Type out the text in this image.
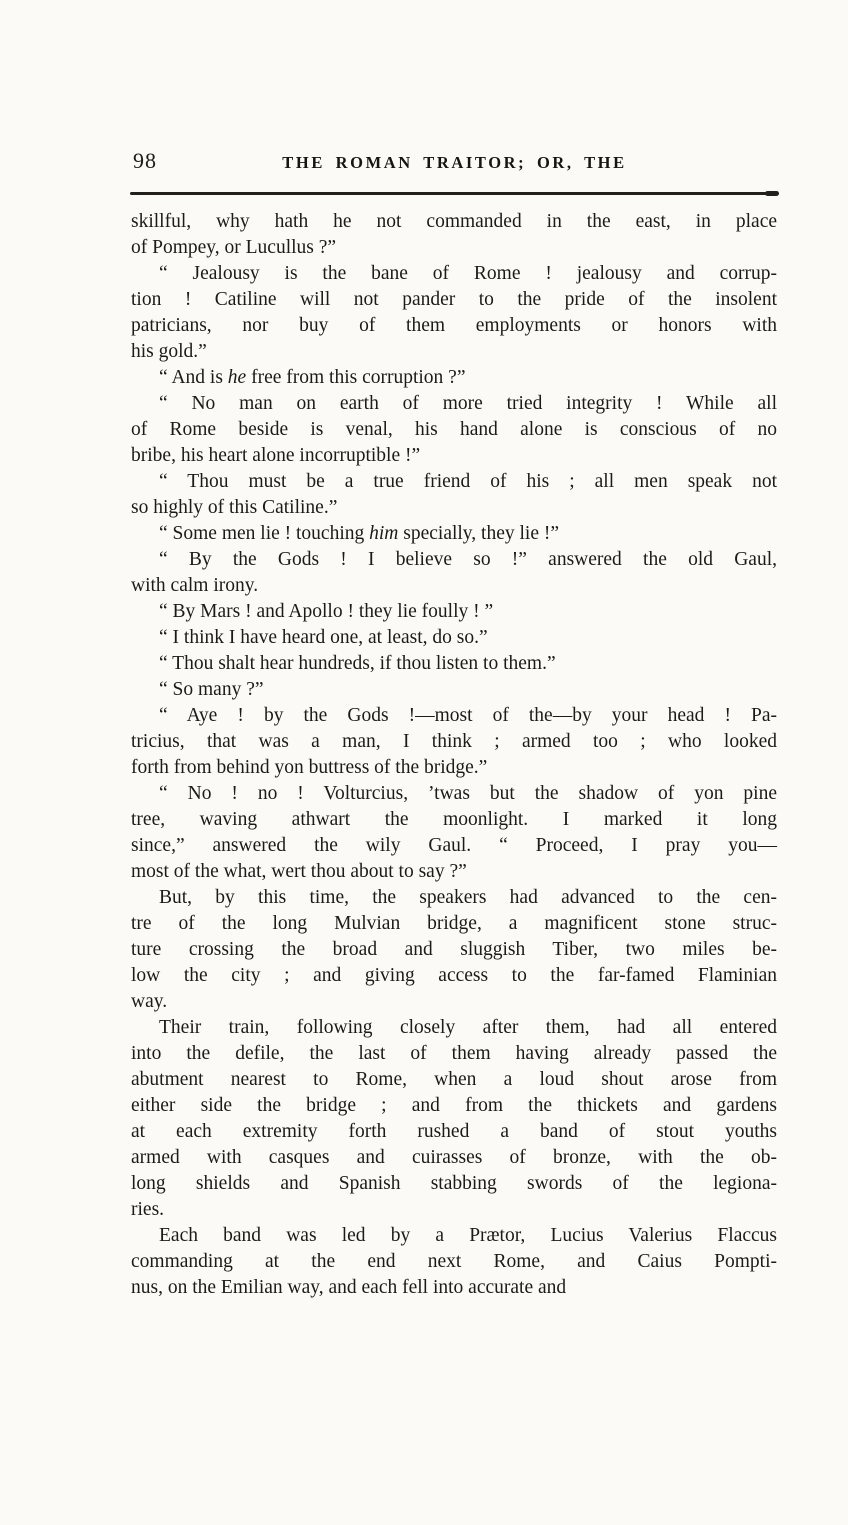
98	THE ROMAN TRAITOR; OR, THE
skillful, why hath he not commanded in the east, in place
of Pompey, or Lucullus ?”
“ Jealousy is the bane of Rome ! jealousy and corrup-
tion ! Catiline will not pander to the pride of the insolent
patricians, nor buy of them employments or honors with
his gold.”
“ And is he free from this corruption ?”
“ No man on earth of more tried integrity ! While all
of Rome beside is venal, his hand alone is conscious of no
bribe, his heart alone incorruptible !”
“ Thou must be a true friend of his ; all men speak not
so highly of this Catiline.”
“ Some men lie ! touching him specially, they lie !”
“ By the Gods ! I believe so !” answered the old Gaul,
with calm irony.
“ By Mars ! and Apollo ! they lie foully ! ”
“ I think I have heard one, at least, do so.”
“ Thou shalt hear hundreds, if thou listen to them.”
“ So many ?”
“ Aye ! by the Gods !—most of the—by your head ! Pa-
tricius, that was a man, I think ; armed too ; who looked
forth from behind yon buttress of the bridge.”
“ No ! no ! Volturcius, ’twas but the shadow of yon pine
tree, waving athwart the moonlight. I marked it long
since,” answered the wily Gaul. “ Proceed, I pray you—
most of the what, wert thou about to say ?”
But, by this time, the speakers had advanced to the cen-
tre of the long Mulvian bridge, a magnificent stone struc-
ture crossing the broad and sluggish Tiber, two miles be-
low the city ; and giving access to the far-famed Flaminian
way.
Their train, following closely after them, had all entered
into the defile, the last of them having already passed the
abutment nearest to Rome, when a loud shout arose from
either side the bridge ; and from the thickets and gardens
at each extremity forth rushed a band of stout youths
armed with casques and cuirasses of bronze, with the ob-
long shields and Spanish stabbing swords of the legiona-
ries.
Each band was led by a Prætor, Lucius Valerius Flaccus
commanding at the end next Rome, and Caius Pompti-
nus, on the Emilian way, and each fell into accurate and
